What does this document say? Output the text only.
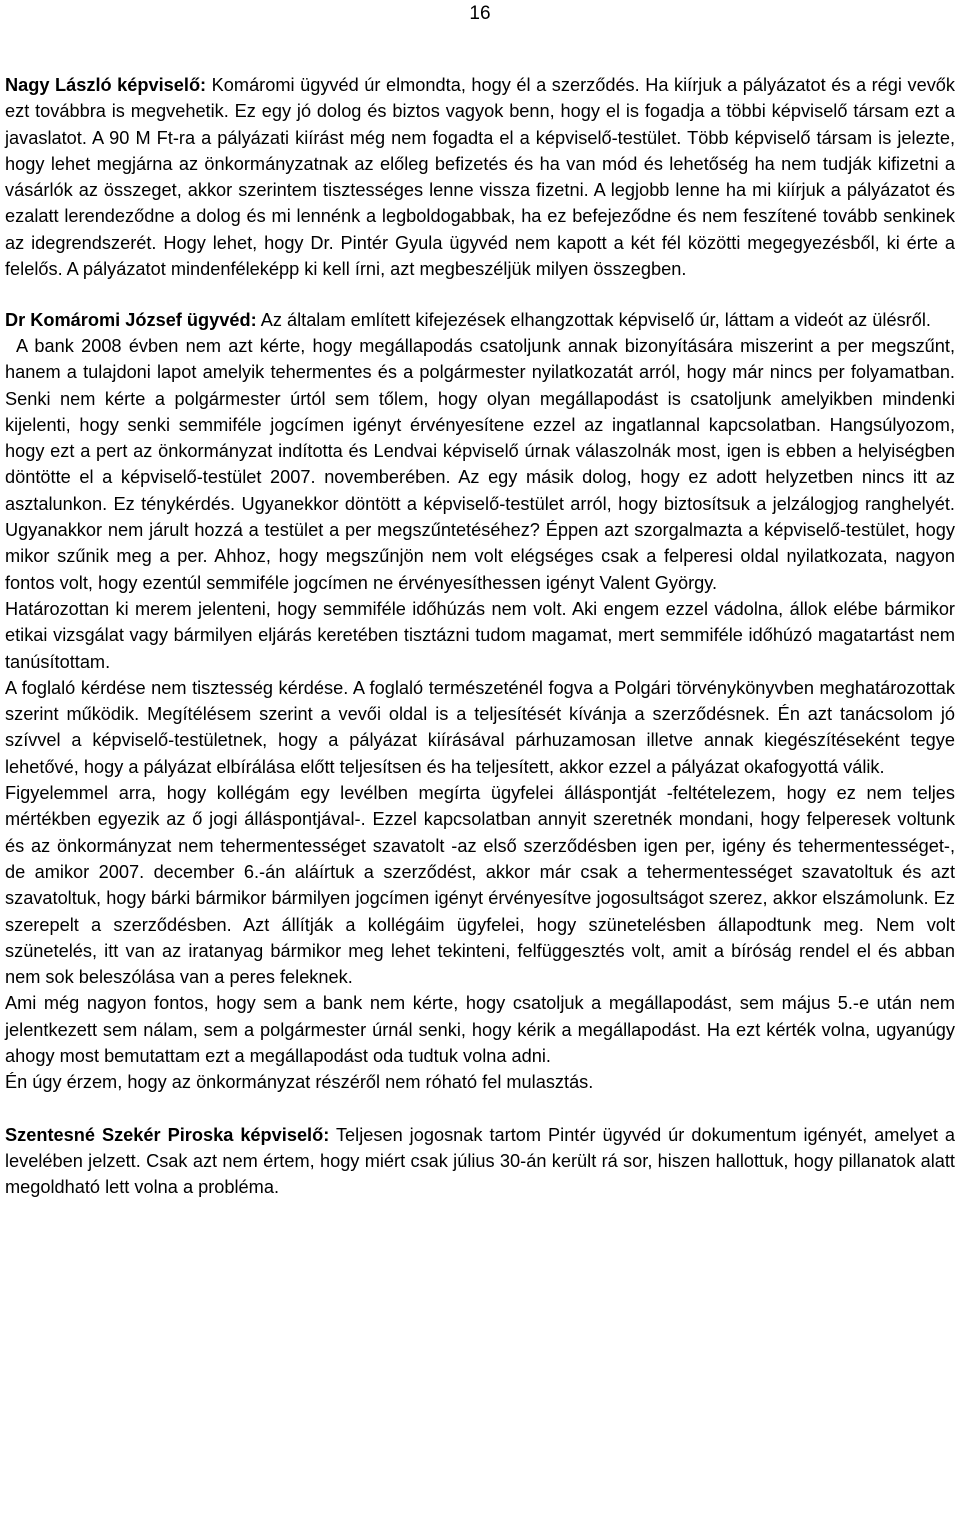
16

Nagy László képviselő: Komáromi ügyvéd úr elmondta, hogy él a szerződés. Ha kiírjuk a pályázatot és a régi vevők ezt továbbra is megvehetik. Ez egy jó dolog és biztos vagyok benn, hogy el is fogadja a többi képviselő társam ezt a javaslatot. A 90 M Ft-ra a pályázati kiírást még nem fogadta el a képviselő-testület. Több képviselő társam is jelezte, hogy lehet megjárna az önkormányzatnak az előleg befizetés és ha van mód és lehetőség ha nem tudják kifizetni a vásárlók az összeget, akkor szerintem tisztességes lenne vissza fizetni. A legjobb lenne ha mi kiírjuk a pályázatot és ezalatt lerendeződne a dolog és mi lennénk a legboldogabbak, ha ez befejeződne és nem feszítené tovább senkinek az idegrendszerét. Hogy lehet, hogy Dr. Pintér Gyula ügyvéd nem kapott a két fél közötti megegyezésből, ki érte a felelős. A pályázatot mindenféleképp ki kell írni, azt megbeszéljük milyen összegben.

Dr Komáromi József ügyvéd: Az általam említett kifejezések elhangzottak képviselő úr, láttam a videót az ülésről.

A bank 2008 évben nem azt kérte, hogy megállapodás csatoljunk annak bizonyítására miszerint a per megszűnt, hanem a tulajdoni lapot amelyik tehermentes és a polgármester nyilatkozatát arról, hogy már nincs per folyamatban. Senki nem kérte a polgármester úrtól sem tőlem, hogy olyan megállapodást is csatoljunk amelyikben mindenki kijelenti, hogy senki semmiféle jogcímen igényt érvényesítene ezzel az ingatlannal kapcsolatban. Hangsúlyozom, hogy ezt a pert az önkormányzat indította és Lendvai képviselő úrnak válaszolnák most, igen is ebben a helyiségben döntötte el a képviselő-testület 2007. novemberében. Az egy másik dolog, hogy ez adott helyzetben nincs itt az asztalunkon. Ez ténykérdés. Ugyanekkor döntött a képviselő-testület arról, hogy biztosítsuk a jelzálogjog ranghelyét. Ugyanakkor nem járult hozzá a testület a per megszűntetéséhez? Éppen azt szorgalmazta a képviselő-testület, hogy mikor szűnik meg a per. Ahhoz, hogy megszűnjön nem volt elégséges csak a felperesi oldal nyilatkozata, nagyon fontos volt, hogy ezentúl semmiféle jogcímen ne érvényesíthessen igényt Valent György.

Határozottan ki merem jelenteni, hogy semmiféle időhúzás nem volt. Aki engem ezzel vádolna, állok elébe bármikor etikai vizsgálat vagy bármilyen eljárás keretében tisztázni tudom magamat, mert semmiféle időhúzó magatartást nem tanúsítottam.

A foglaló kérdése nem tisztesség kérdése. A foglaló természeténél fogva a Polgári törvénykönyvben meghatározottak szerint működik. Megítélésem szerint a vevői oldal is a teljesítését kívánja a szerződésnek. Én azt tanácsolom jó szívvel a képviselő-testületnek, hogy a pályázat kiírásával párhuzamosan illetve annak kiegészítéseként tegye lehetővé, hogy a pályázat elbírálása előtt teljesítsen és ha teljesített, akkor ezzel a pályázat okafogyottá válik.

Figyelemmel arra, hogy kollégám egy levélben megírta ügyfelei álláspontját -feltételezem, hogy ez nem teljes mértékben egyezik az ő jogi álláspontjával-. Ezzel kapcsolatban annyit szeretnék mondani, hogy felperesek voltunk és az önkormányzat nem tehermentességet szavatolt -az első szerződésben igen per, igény és tehermentességet-, de amikor 2007. december 6.-án aláírtuk a szerződést, akkor már csak a tehermentességet szavatoltuk és azt szavatoltuk, hogy bárki bármikor bármilyen jogcímen igényt érvényesítve jogosultságot szerez, akkor elszámolunk. Ez szerepelt a szerződésben. Azt állítják a kollégáim ügyfelei, hogy szünetelésben állapodtunk meg. Nem volt szünetelés, itt van az iratanyag bármikor meg lehet tekinteni, felfüggesztés volt, amit a bíróság rendel el és abban nem sok beleszólása van a peres feleknek.

Ami még nagyon fontos, hogy sem a bank nem kérte, hogy csatoljuk a megállapodást, sem május 5.-e után nem jelentkezett sem nálam, sem a polgármester úrnál senki, hogy kérik a megállapodást. Ha ezt kérték volna, ugyanúgy ahogy most bemutattam ezt a megállapodást oda tudtuk volna adni.

Én úgy érzem, hogy az önkormányzat részéről nem róható fel mulasztás.

Szentesné Szekér Piroska képviselő: Teljesen jogosnak tartom Pintér ügyvéd úr dokumentum igényét, amelyet a levelében jelzett. Csak azt nem értem, hogy miért csak július 30-án került rá sor, hiszen hallottuk, hogy pillanatok alatt megoldható lett volna a probléma.
